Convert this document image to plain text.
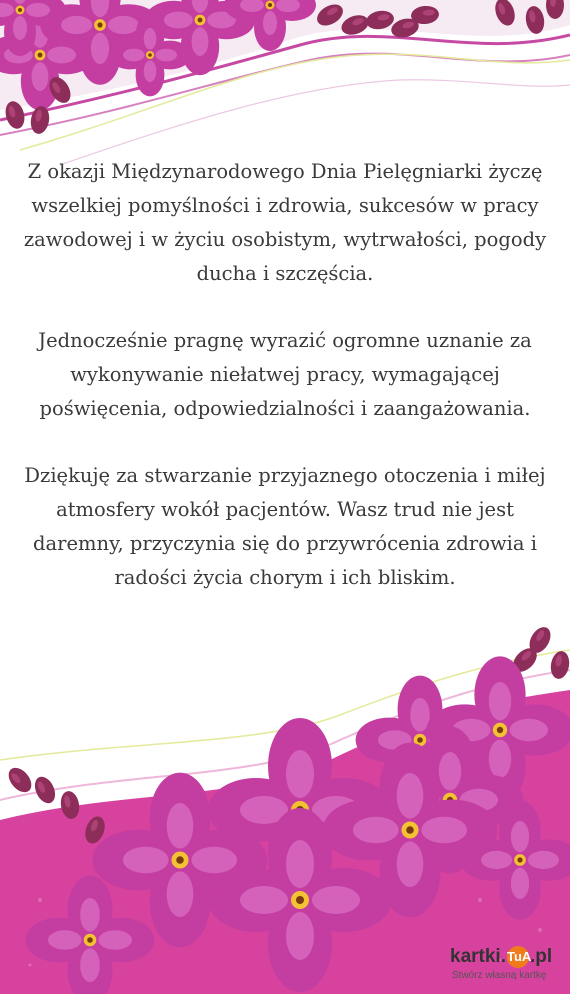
Z okazji Międzynarodowego Dnia Pielęgniarki życzę wszelkiej pomyślności i zdrowia, sukcesów w pracy zawodowej i w życiu osobistym, wytrwałości, pogody ducha i szczęścia.

Jednocześnie pragnę wyrazić ogromne uznanie za wykonywanie niełatwej pracy, wymagającej poświęcenia, odpowiedzialności i zaangażowania.

Dziękuję za stwarzanie przyjaznego otoczenia i miłej atmosfery wokół pacjentów. Wasz trud nie jest daremny, przyczynia się do przywrócenia zdrowia i radości życia chorym i ich bliskim.

kartki.TuA.pl
Stwórz własną kartkę
